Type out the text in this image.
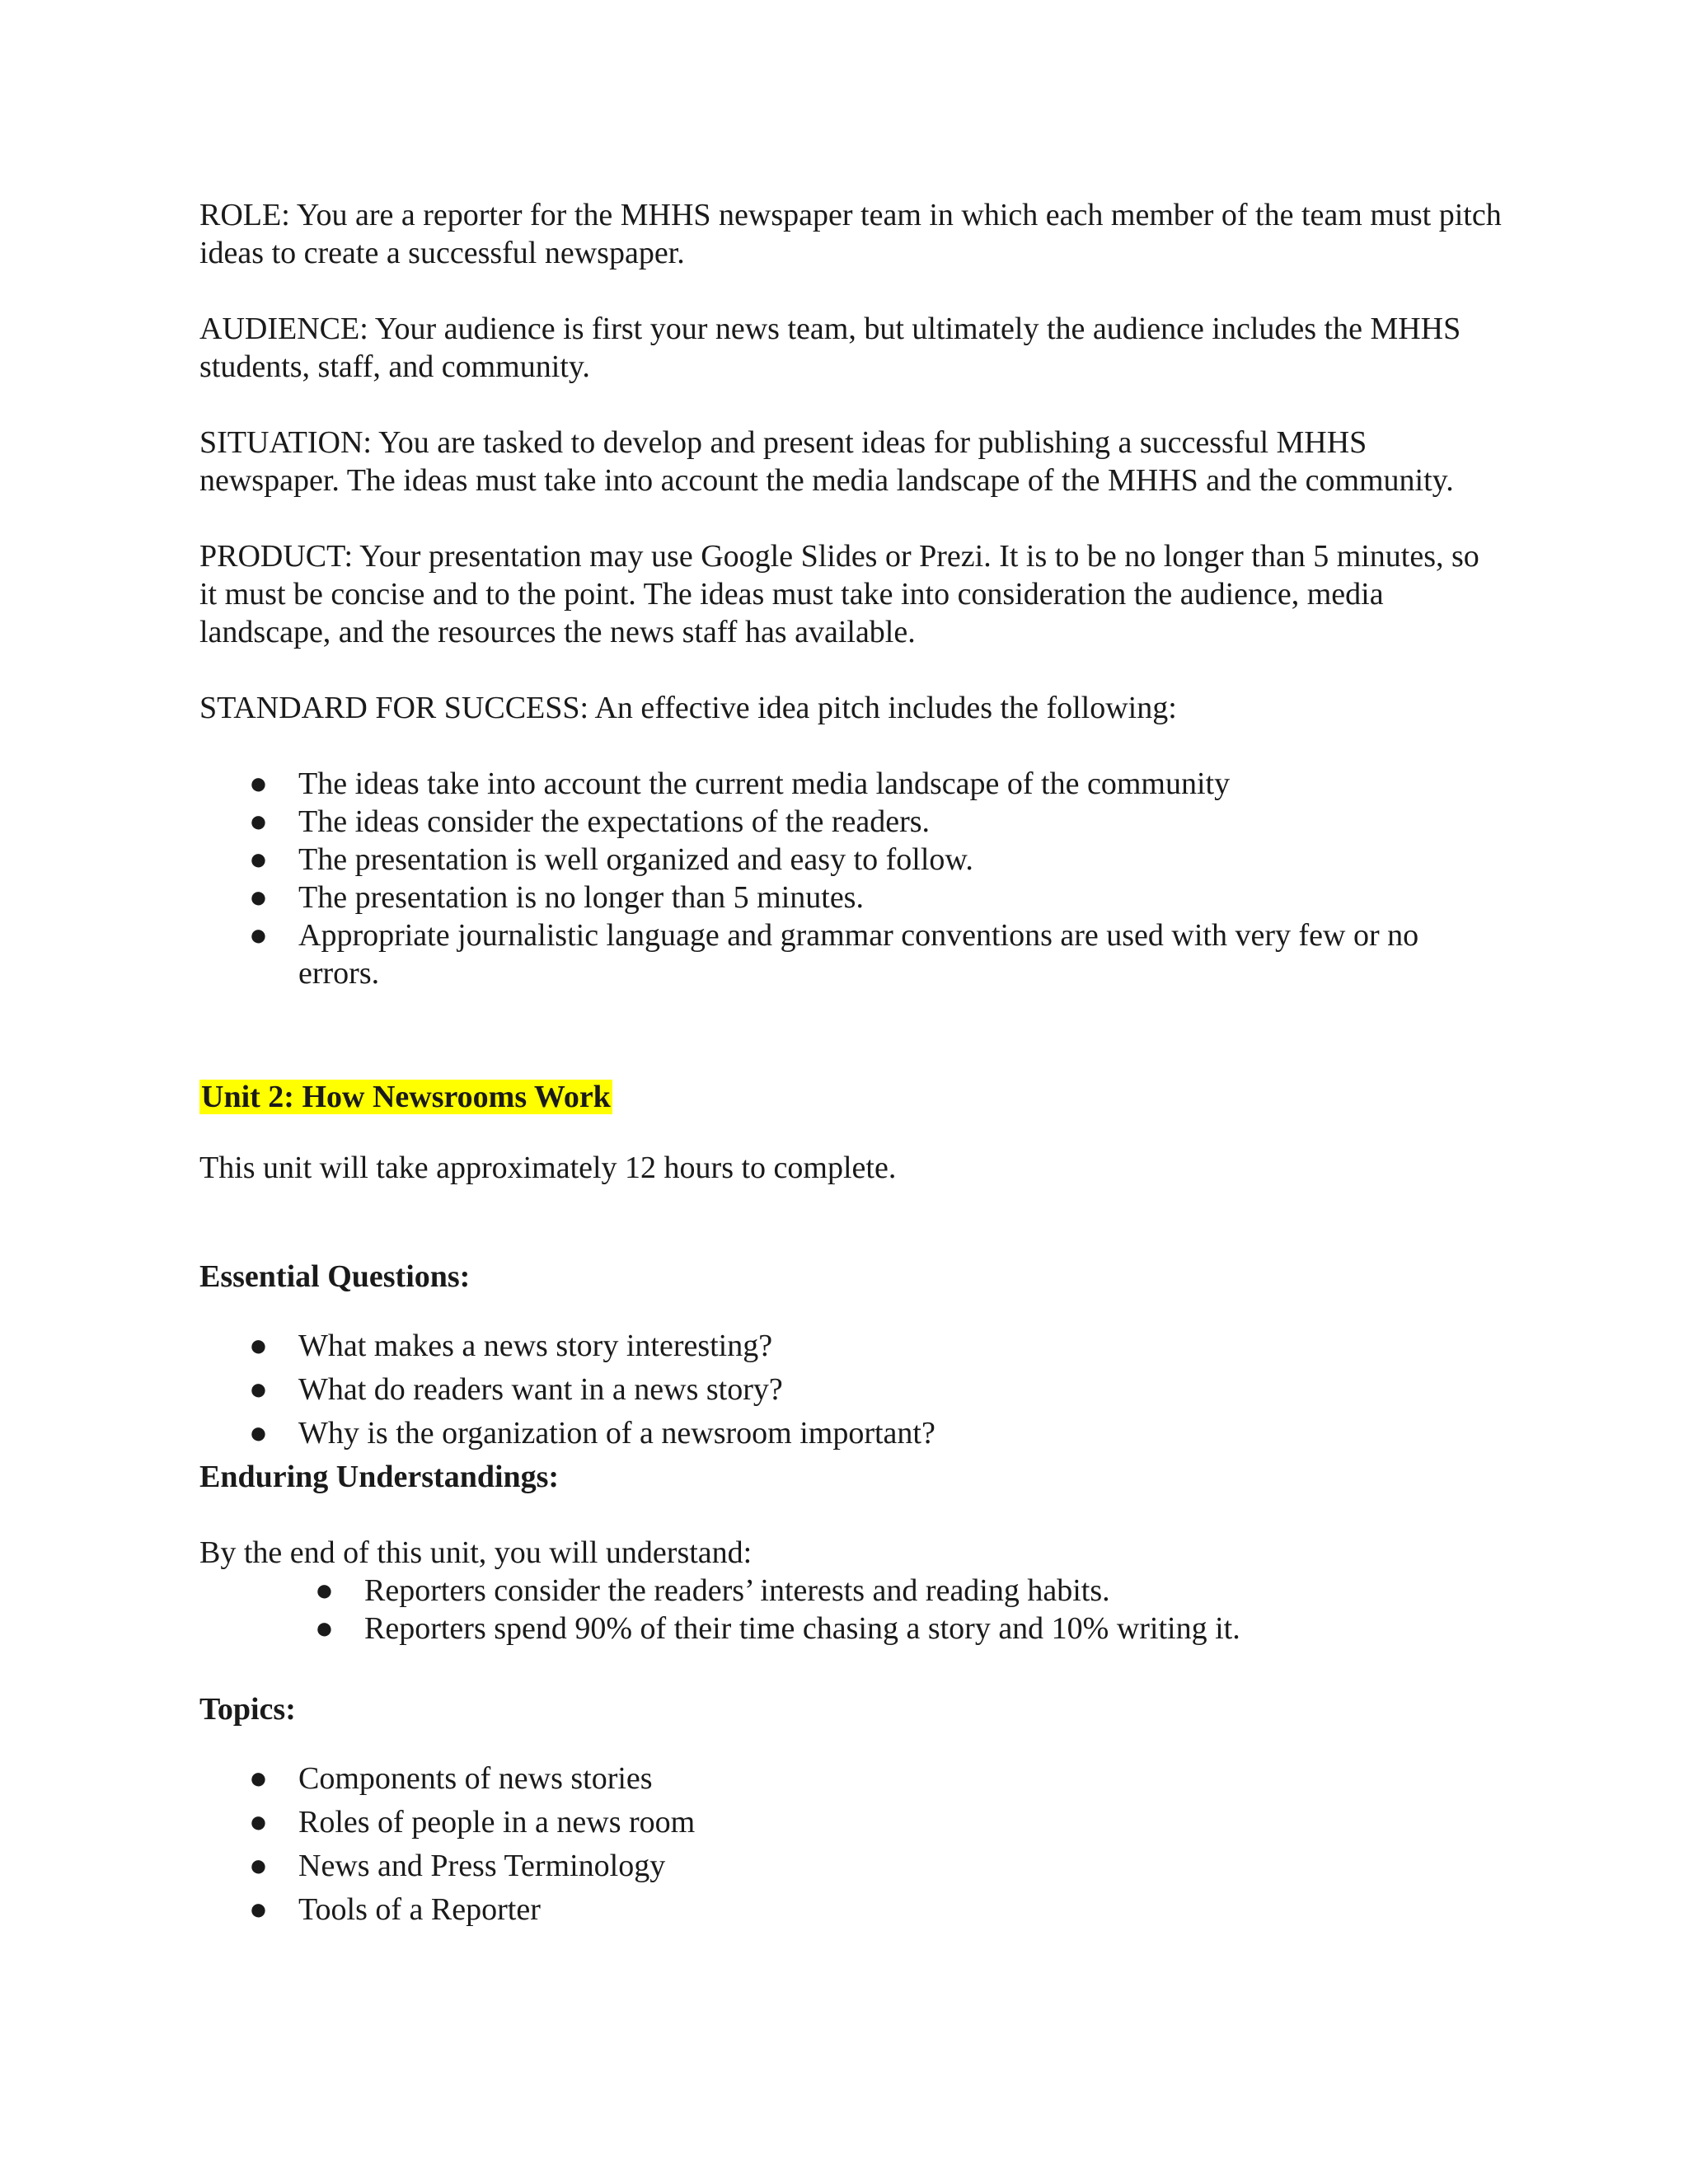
ROLE: You are a reporter for the MHHS newspaper team in which each member of the team must pitch ideas to create a successful newspaper.

AUDIENCE: Your audience is first your news team, but ultimately the audience includes the MHHS students, staff, and community.

SITUATION: You are tasked to develop and present ideas for publishing a successful MHHS newspaper. The ideas must take into account the media landscape of the MHHS and the community.

PRODUCT: Your presentation may use Google Slides or Prezi. It is to be no longer than 5 minutes, so it must be concise and to the point. The ideas must take into consideration the audience, media landscape, and the resources the news staff has available.

STANDARD FOR SUCCESS: An effective idea pitch includes the following:

● The ideas take into account the current media landscape of the community
● The ideas consider the expectations of the readers.
● The presentation is well organized and easy to follow.
● The presentation is no longer than 5 minutes.
● Appropriate journalistic language and grammar conventions are used with very few or no errors.

Unit 2: How Newsrooms Work

This unit will take approximately 12 hours to complete.

Essential Questions:

● What makes a news story interesting?
● What do readers want in a news story?
● Why is the organization of a newsroom important?

Enduring Understandings:

By the end of this unit, you will understand:

● Reporters consider the readers’ interests and reading habits.
● Reporters spend 90% of their time chasing a story and 10% writing it.

Topics:

● Components of news stories
● Roles of people in a news room
● News and Press Terminology
● Tools of a Reporter
